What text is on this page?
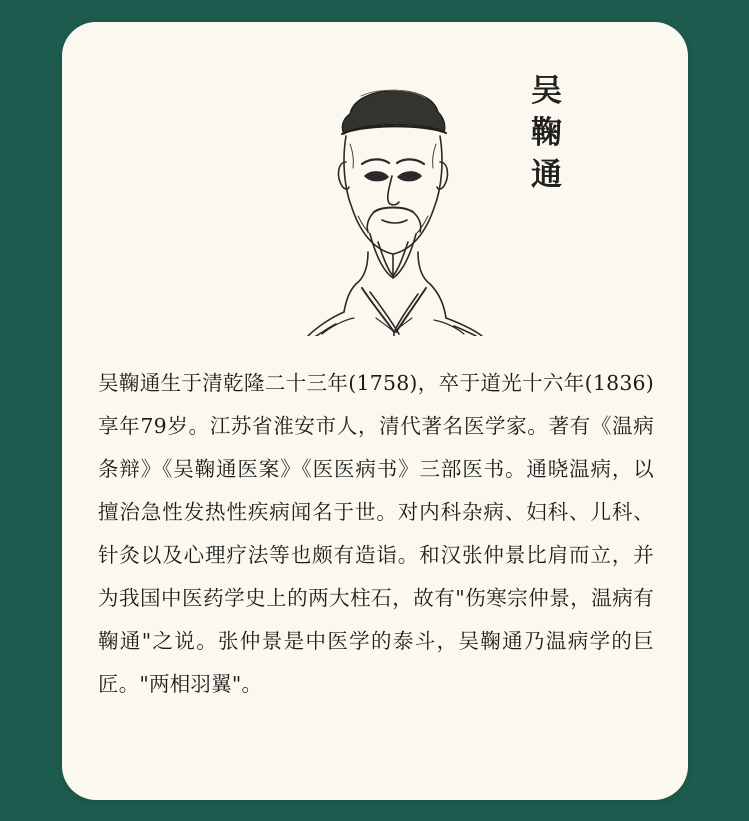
吴鞠通
吴鞠通生于清乾隆二十三年(1758)，卒于道光十六年(1836)享年79岁。江苏省淮安市人，清代著名医学家。著有《温病条辩》《吴鞠通医案》《医医病书》三部医书。通晓温病，以擅治急性发热性疾病闻名于世。对内科杂病、妇科、儿科、针灸以及心理疗法等也颇有造诣。和汉张仲景比肩而立，并为我国中医药学史上的两大柱石，故有"伤寒宗仲景，温病有鞠通"之说。张仲景是中医学的泰斗，吴鞠通乃温病学的巨匠。"两相羽翼"。
